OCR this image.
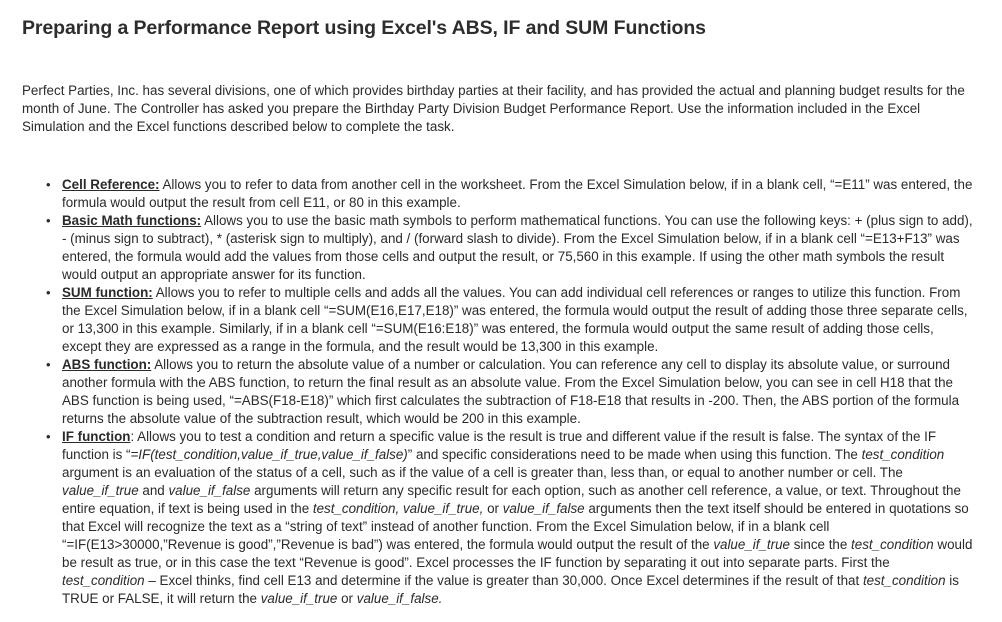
Preparing a Performance Report using Excel's ABS, IF and SUM Functions

Perfect Parties, Inc. has several divisions, one of which provides birthday parties at their facility, and has provided the actual and planning budget results for the month of June. The Controller has asked you prepare the Birthday Party Division Budget Performance Report. Use the information included in the Excel Simulation and the Excel functions described below to complete the task.

• Cell Reference: Allows you to refer to data from another cell in the worksheet. From the Excel Simulation below, if in a blank cell, “=E11” was entered, the formula would output the result from cell E11, or 80 in this example.
• Basic Math functions: Allows you to use the basic math symbols to perform mathematical functions. You can use the following keys: + (plus sign to add), - (minus sign to subtract), * (asterisk sign to multiply), and / (forward slash to divide). From the Excel Simulation below, if in a blank cell “=E13+F13” was entered, the formula would add the values from those cells and output the result, or 75,560 in this example. If using the other math symbols the result would output an appropriate answer for its function.
• SUM function: Allows you to refer to multiple cells and adds all the values. You can add individual cell references or ranges to utilize this function. From the Excel Simulation below, if in a blank cell “=SUM(E16,E17,E18)” was entered, the formula would output the result of adding those three separate cells, or 13,300 in this example. Similarly, if in a blank cell “=SUM(E16:E18)” was entered, the formula would output the same result of adding those cells, except they are expressed as a range in the formula, and the result would be 13,300 in this example.
• ABS function: Allows you to return the absolute value of a number or calculation. You can reference any cell to display its absolute value, or surround another formula with the ABS function, to return the final result as an absolute value. From the Excel Simulation below, you can see in cell H18 that the ABS function is being used, “=ABS(F18-E18)” which first calculates the subtraction of F18-E18 that results in -200. Then, the ABS portion of the formula returns the absolute value of the subtraction result, which would be 200 in this example.
• IF function: Allows you to test a condition and return a specific value is the result is true and different value if the result is false. The syntax of the IF function is “=IF(test_condition,value_if_true,value_if_false)” and specific considerations need to be made when using this function. The test_condition argument is an evaluation of the status of a cell, such as if the value of a cell is greater than, less than, or equal to another number or cell. The value_if_true and value_if_false arguments will return any specific result for each option, such as another cell reference, a value, or text. Throughout the entire equation, if text is being used in the test_condition, value_if_true, or value_if_false arguments then the text itself should be entered in quotations so that Excel will recognize the text as a “string of text” instead of another function. From the Excel Simulation below, if in a blank cell “=IF(E13>30000,”Revenue is good”,”Revenue is bad”) was entered, the formula would output the result of the value_if_true since the test_condition would be result as true, or in this case the text “Revenue is good”. Excel processes the IF function by separating it out into separate parts. First the test_condition – Excel thinks, find cell E13 and determine if the value is greater than 30,000. Once Excel determines if the result of that test_condition is TRUE or FALSE, it will return the value_if_true or value_if_false.
